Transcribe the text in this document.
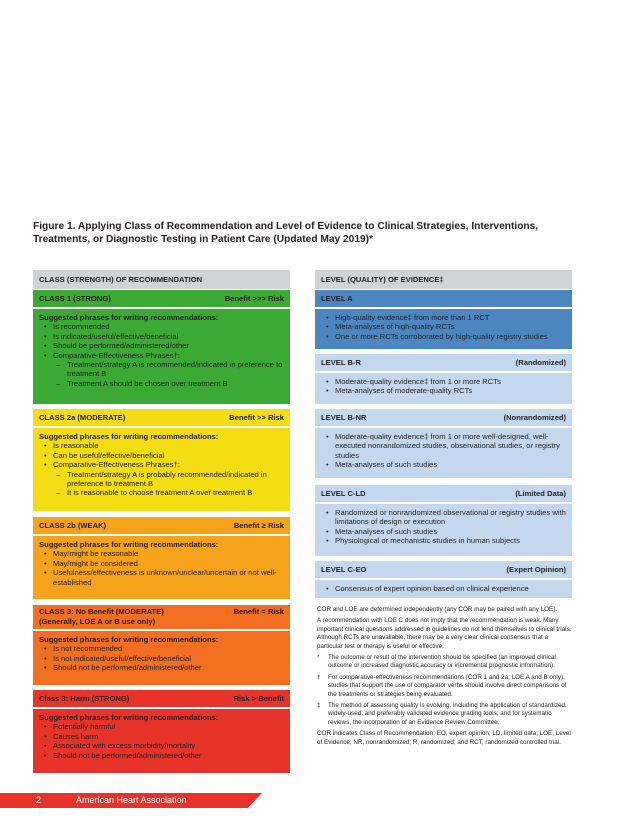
Figure 1. Applying Class of Recommendation and Level of Evidence to Clinical Strategies, Interventions, Treatments, or Diagnostic Testing in Patient Care (Updated May 2019)*
CLASS (STRENGTH) OF RECOMMENDATION	LEVEL (QUALITY) OF EVIDENCE‡
CLASS 1 (STRONG)	Benefit >>> Risk
Suggested phrases for writing recommendations:
• Is recommended
• Is indicated/useful/effective/beneficial
• Should be performed/administered/other
• Comparative-Effectiveness Phrases†:
– Treatment/strategy A is recommended/indicated in preference to treatment B
– Treatment A should be chosen over treatment B
CLASS 2a (MODERATE)	Benefit >> Risk
Suggested phrases for writing recommendations:
• Is reasonable
• Can be useful/effective/beneficial
• Comparative-Effectiveness Phrases†:
– Treatment/strategy A is probably recommended/indicated in preference to treatment B
– It is reasonable to choose treatment A over treatment B
CLASS 2b (WEAK)	Benefit ≥ Risk
Suggested phrases for writing recommendations:
• May/might be reasonable
• May/might be considered
• Usefulness/effectiveness is unknown/unclear/uncertain or not well-established
CLASS 3: No Benefit (MODERATE)
(Generally, LOE A or B use only)
Benefit = Risk
Suggested phrases for writing recommendations:
• Is not recommended
• Is not indicated/useful/effective/beneficial
• Should not be performed/administered/other
Class 3: Harm (STRONG)	Risk > Benefit
Suggested phrases for writing recommendations:
• Potentially harmful
• Causes harm
• Associated with excess morbidity/mortality
• Should not be performed/administered/other
LEVEL A
• High-quality evidence‡ from more than 1 RCT
• Meta-analyses of high-quality RCTs
• One or more RCTs corroborated by high-quality registry studies
LEVEL B-R	(Randomized)
• Moderate-quality evidence‡ from 1 or more RCTs
• Meta-analyses of moderate-quality RCTs
LEVEL B-NR	(Nonrandomized)
• Moderate-quality evidence‡ from 1 or more well-designed, well-executed nonrandomized studies, observational studies, or registry studies
• Meta-analyses of such studies
LEVEL C-LD	(Limited Data)
• Randomized or nonrandomized observational or registry studies with limitations of design or execution
• Meta-analyses of such studies
• Physiological or mechanistic studies in human subjects
LEVEL C-EO	(Expert Opinion)
• Consensus of expert opinion based on clinical experience

COR and LOE are determined independently (any COR may be paired with any LOE).

A recommendation with LOE C does not imply that the recommendation is weak. Many important clinical questions addressed in guidelines do not lend themselves to clinical trials. Although RCTs are unavailable, there may be a very clear clinical consensus that a particular test or therapy is useful or effective.

*	The outcome or result of the intervention should be specified (an improved clinical outcome or increased diagnostic accuracy or incremental prognostic information).
†	For comparative-effectiveness recommendations (COR 1 and 2a; LOE A and B only), studies that support the use of comparator verbs should involve direct comparisons of the treatments or strategies being evaluated.
‡	The method of assessing quality is evolving, including the application of standardized, widely-used, and preferably validated evidence grading tools; and for systematic reviews, the incorporation of an Evidence Review Committee.

COR indicates Class of Recommendation; EO, expert opinion; LD, limited data; LOE, Level of Evidence; NR, nonrandomized; R, randomized; and RCT, randomized controlled trial.

2	American Heart Association
